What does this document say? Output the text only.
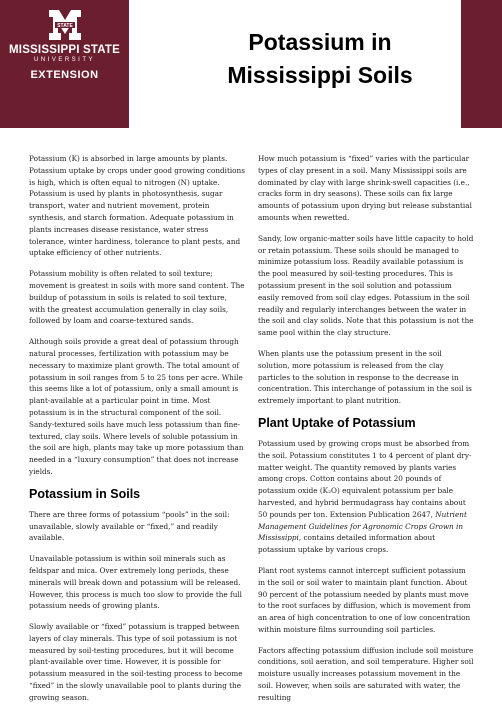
STATE
MISSISSIPPI STATE
UNIVERSITY
EXTENSION
Potassium in
Mississippi Soils

Potassium (K) is absorbed in large amounts by plants. Potassium uptake by crops under good growing conditions is high, which is often equal to nitrogen (N) uptake. Potassium is used by plants in photosynthesis, sugar transport, water and nutrient movement, protein synthesis, and starch formation. Adequate potassium in plants increases disease resistance, water stress tolerance, winter hardiness, tolerance to plant pests, and uptake efficiency of other nutrients.

Potassium mobility is often related to soil texture; movement is greatest in soils with more sand content. The buildup of potassium in soils is related to soil texture, with the greatest accumulation generally in clay soils, followed by loam and coarse-textured sands.

Although soils provide a great deal of potassium through natural processes, fertilization with potassium may be necessary to maximize plant growth. The total amount of potassium in soil ranges from 5 to 25 tons per acre. While this seems like a lot of potassium, only a small amount is plant-available at a particular point in time. Most potassium is in the structural component of the soil. Sandy-textured soils have much less potassium than fine-textured, clay soils. Where levels of soluble potassium in the soil are high, plants may take up more potassium than needed in a “luxury consumption” that does not increase yields.

Potassium in Soils

There are three forms of potassium “pools” in the soil: unavailable, slowly available or “fixed,” and readily available.

Unavailable potassium is within soil minerals such as feldspar and mica. Over extremely long periods, these minerals will break down and potassium will be released. However, this process is much too slow to provide the full potassium needs of growing plants.

Slowly available or “fixed” potassium is trapped between layers of clay minerals. This type of soil potassium is not measured by soil-testing procedures, but it will become plant-available over time. However, it is possible for potassium measured in the soil-testing process to become “fixed” in the slowly unavailable pool to plants during the growing season.

How much potassium is “fixed” varies with the particular types of clay present in a soil. Many Mississippi soils are dominated by clay with large shrink-swell capacities (i.e., cracks form in dry seasons). These soils can fix large amounts of potassium upon drying but release substantial amounts when rewetted.

Sandy, low organic-matter soils have little capacity to hold or retain potassium. These soils should be managed to minimize potassium loss. Readily available potassium is the pool measured by soil-testing procedures. This is potassium present in the soil solution and potassium easily removed from soil clay edges. Potassium in the soil readily and regularly interchanges between the water in the soil and clay solids. Note that this potassium is not the same pool within the clay structure.

When plants use the potassium present in the soil solution, more potassium is released from the clay particles to the solution in response to the decrease in concentration. This interchange of potassium in the soil is extremely important to plant nutrition.

Plant Uptake of Potassium

Potassium used by growing crops must be absorbed from the soil. Potassium constitutes 1 to 4 percent of plant dry-matter weight. The quantity removed by plants varies among crops. Cotton contains about 20 pounds of potassium oxide (K₂O) equivalent potassium per bale harvested, and hybrid bermudagrass hay contains about 50 pounds per ton. Extension Publication 2647, Nutrient Management Guidelines for Agronomic Crops Grown in Mississippi, contains detailed information about potassium uptake by various crops.

Plant root systems cannot intercept sufficient potassium in the soil or soil water to maintain plant function. About 90 percent of the potassium needed by plants must move to the root surfaces by diffusion, which is movement from an area of high concentration to one of low concentration within moisture films surrounding soil particles.

Factors affecting potassium diffusion include soil moisture conditions, soil aeration, and soil temperature. Higher soil moisture usually increases potassium movement in the soil. However, when soils are saturated with water, the resulting
